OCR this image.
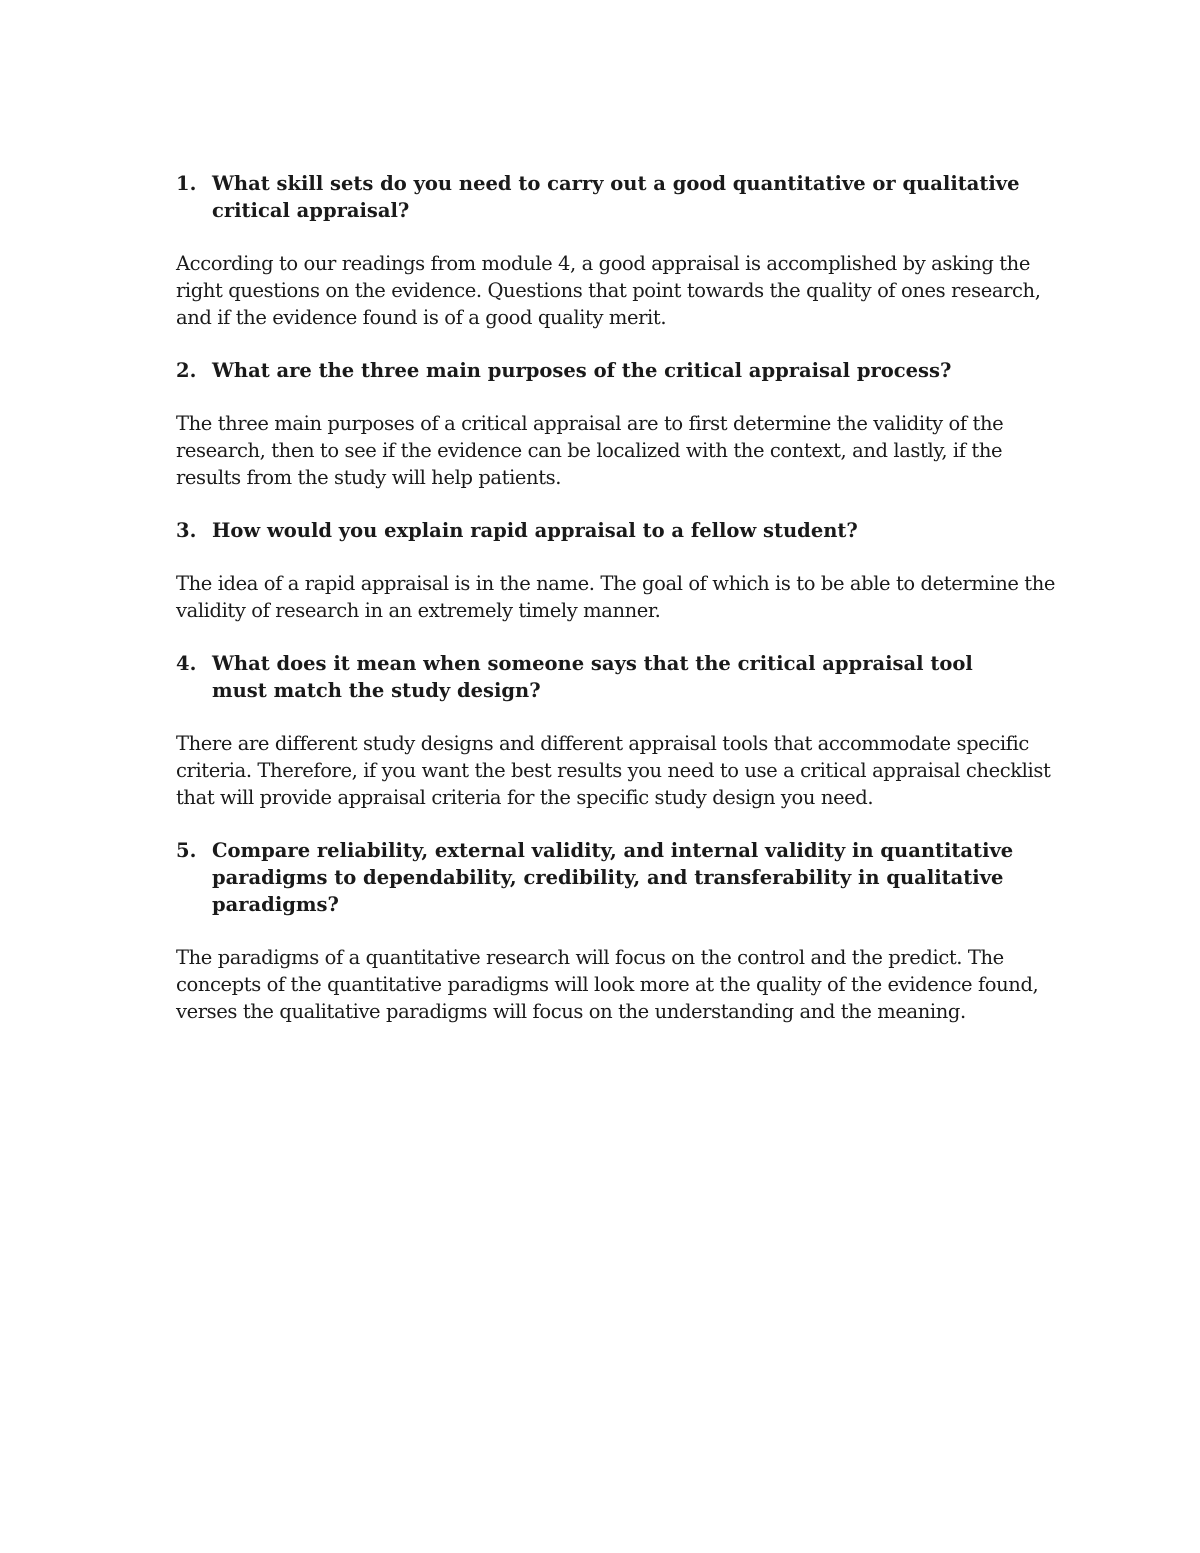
1. What skill sets do you need to carry out a good quantitative or qualitative critical appraisal?

According to our readings from module 4, a good appraisal is accomplished by asking the right questions on the evidence. Questions that point towards the quality of ones research, and if the evidence found is of a good quality merit.

2. What are the three main purposes of the critical appraisal process?

The three main purposes of a critical appraisal are to first determine the validity of the research, then to see if the evidence can be localized with the context, and lastly, if the results from the study will help patients.

3. How would you explain rapid appraisal to a fellow student?

The idea of a rapid appraisal is in the name. The goal of which is to be able to determine the validity of research in an extremely timely manner.

4. What does it mean when someone says that the critical appraisal tool must match the study design?

There are different study designs and different appraisal tools that accommodate specific criteria. Therefore, if you want the best results you need to use a critical appraisal checklist that will provide appraisal criteria for the specific study design you need.

5. Compare reliability, external validity, and internal validity in quantitative paradigms to dependability, credibility, and transferability in qualitative paradigms?

The paradigms of a quantitative research will focus on the control and the predict. The concepts of the quantitative paradigms will look more at the quality of the evidence found, verses the qualitative paradigms will focus on the understanding and the meaning.
